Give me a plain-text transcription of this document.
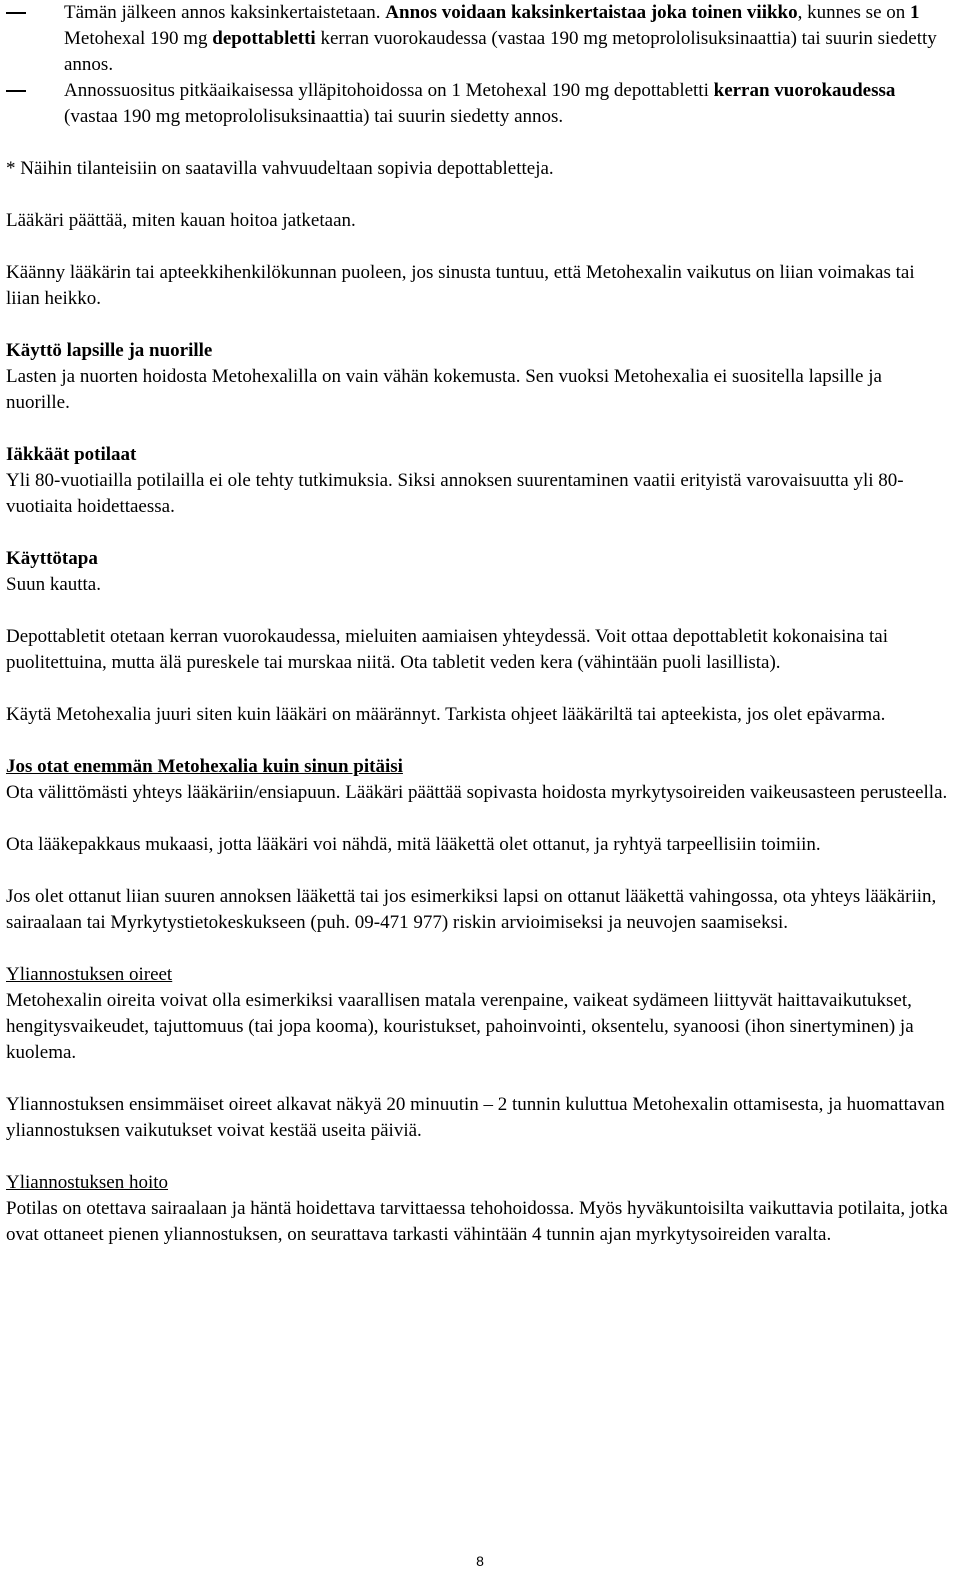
Tämän jälkeen annos kaksinkertaistetaan. Annos voidaan kaksinkertaistaa joka toinen viikko, kunnes se on 1 Metohexal 190 mg depottabletti kerran vuorokaudessa (vastaa 190 mg metoprololisuksinaattia) tai suurin siedetty annos.
Annossuositus pitkäaikaisessa ylläpitohoidossa on 1 Metohexal 190 mg depottabletti kerran vuorokaudessa (vastaa 190 mg metoprololisuksinaattia) tai suurin siedetty annos.

* Näihin tilanteisiin on saatavilla vahvuudeltaan sopivia depottabletteja.

Lääkäri päättää, miten kauan hoitoa jatketaan.

Käänny lääkärin tai apteekkihenkilökunnan puoleen, jos sinusta tuntuu, että Metohexalin vaikutus on liian voimakas tai liian heikko.

Käyttö lapsille ja nuorille

Lasten ja nuorten hoidosta Metohexalilla on vain vähän kokemusta. Sen vuoksi Metohexalia ei suositella lapsille ja nuorille.

Iäkkäät potilaat

Yli 80-vuotiailla potilailla ei ole tehty tutkimuksia. Siksi annoksen suurentaminen vaatii erityistä varovaisuutta yli 80-vuotiaita hoidettaessa.

Käyttötapa

Suun kautta.

Depottabletit otetaan kerran vuorokaudessa, mieluiten aamiaisen yhteydessä. Voit ottaa depottabletit kokonaisina tai puolitettuina, mutta älä pureskele tai murskaa niitä. Ota tabletit veden kera (vähintään puoli lasillista).

Käytä Metohexalia juuri siten kuin lääkäri on määrännyt. Tarkista ohjeet lääkäriltä tai apteekista, jos olet epävarma.

Jos otat enemmän Metohexalia kuin sinun pitäisi

Ota välittömästi yhteys lääkäriin/ensiapuun. Lääkäri päättää sopivasta hoidosta myrkytysoireiden vaikeusasteen perusteella.

Ota lääkepakkaus mukaasi, jotta lääkäri voi nähdä, mitä lääkettä olet ottanut, ja ryhtyä tarpeellisiin toimiin.

Jos olet ottanut liian suuren annoksen lääkettä tai jos esimerkiksi lapsi on ottanut lääkettä vahingossa, ota yhteys lääkäriin, sairaalaan tai Myrkytystietokeskukseen (puh. 09-471 977) riskin arvioimiseksi ja neuvojen saamiseksi.

Yliannostuksen oireet

Metohexalin oireita voivat olla esimerkiksi vaarallisen matala verenpaine, vaikeat sydämeen liittyvät haittavaikutukset, hengitysvaikeudet, tajuttomuus (tai jopa kooma), kouristukset, pahoinvointi, oksentelu, syanoosi (ihon sinertyminen) ja kuolema.

Yliannostuksen ensimmäiset oireet alkavat näkyä 20 minuutin – 2 tunnin kuluttua Metohexalin ottamisesta, ja huomattavan yliannostuksen vaikutukset voivat kestää useita päiviä.

Yliannostuksen hoito

Potilas on otettava sairaalaan ja häntä hoidettava tarvittaessa tehohoidossa. Myös hyväkuntoisilta vaikuttavia potilaita, jotka ovat ottaneet pienen yliannostuksen, on seurattava tarkasti vähintään 4 tunnin ajan myrkytysoireiden varalta.

8
